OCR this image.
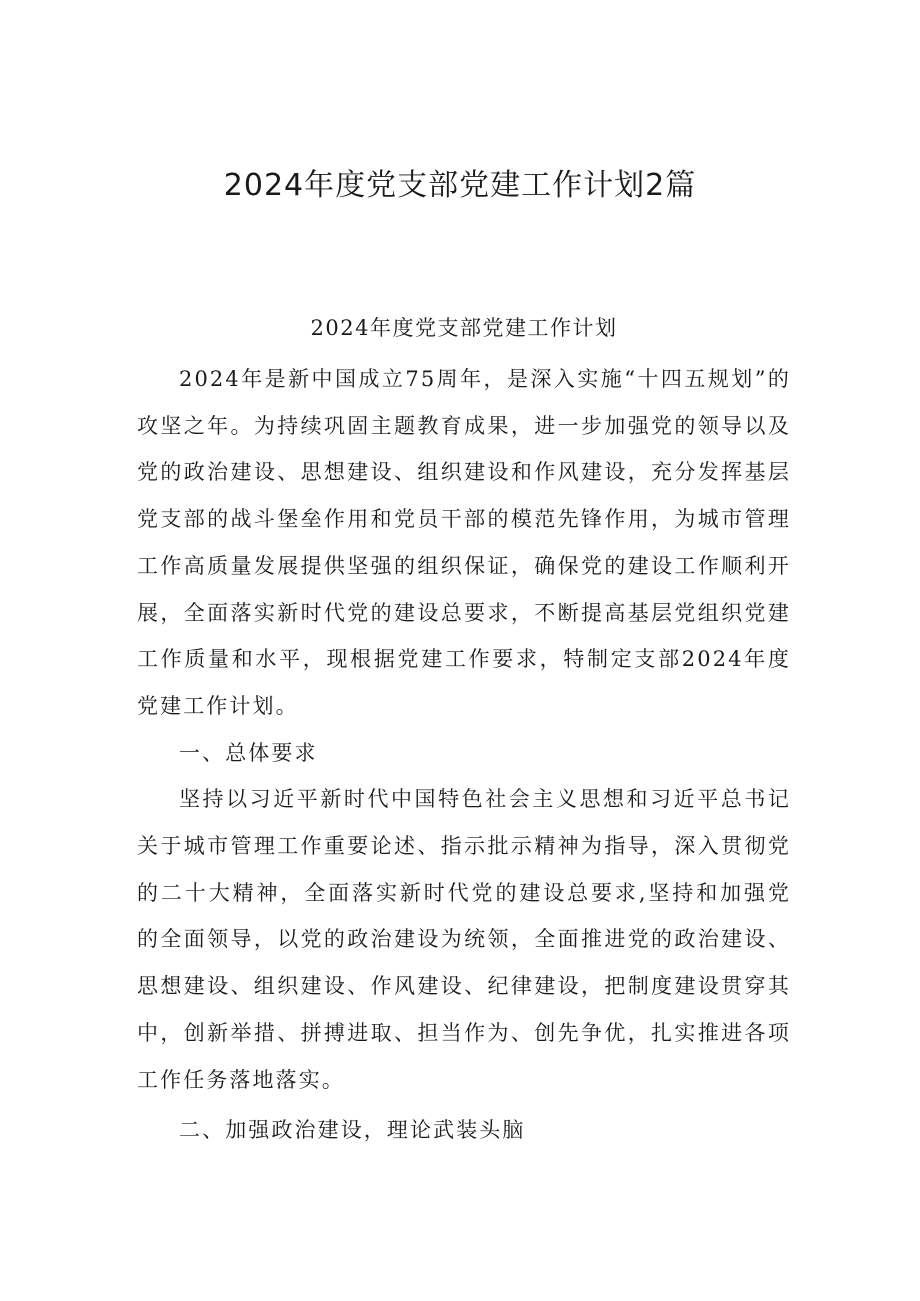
2024年度党支部党建工作计划2篇
2024年度党支部党建工作计划

2024年是新中国成立75周年，是深入实施“十四五规划”的攻坚之年。为持续巩固主题教育成果，进一步加强党的领导以及党的政治建设、思想建设、组织建设和作风建设，充分发挥基层党支部的战斗堡垒作用和党员干部的模范先锋作用，为城市管理工作高质量发展提供坚强的组织保证，确保党的建设工作顺利开展，全面落实新时代党的建设总要求，不断提高基层党组织党建工作质量和水平，现根据党建工作要求，特制定支部2024年度党建工作计划。

一、总体要求

坚持以习近平新时代中国特色社会主义思想和习近平总书记关于城市管理工作重要论述、指示批示精神为指导，深入贯彻党的二十大精神，全面落实新时代党的建设总要求,坚持和加强党的全面领导，以党的政治建设为统领，全面推进党的政治建设、思想建设、组织建设、作风建设、纪律建设，把制度建设贯穿其中，创新举措、拼搏进取、担当作为、创先争优，扎实推进各项工作任务落地落实。

二、加强政治建设，理论武装头脑
